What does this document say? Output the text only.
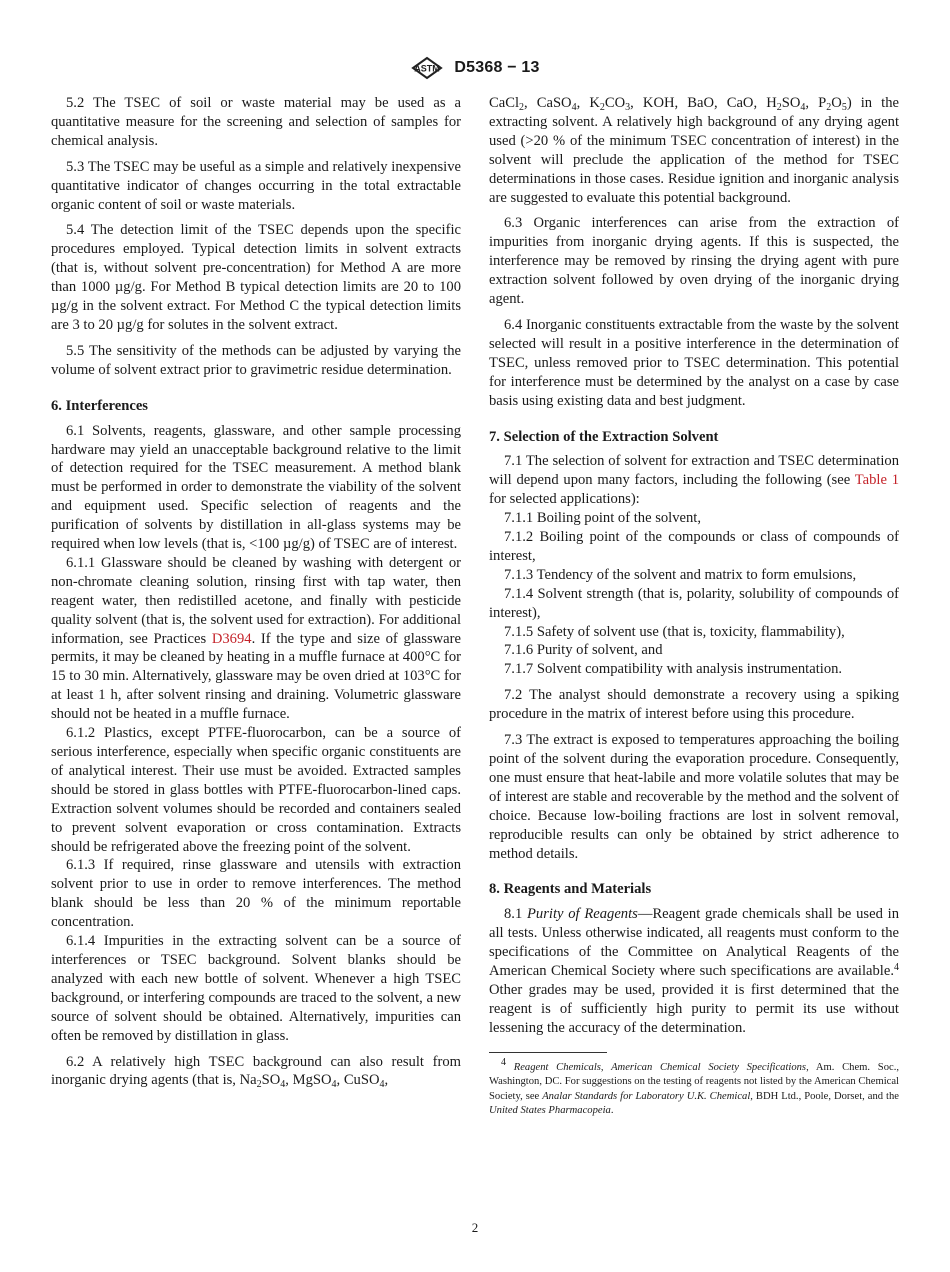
ASTM D5368 − 13

5.2 The TSEC of soil or waste material may be used as a quantitative measure for the screening and selection of samples for chemical analysis.

5.3 The TSEC may be useful as a simple and relatively inexpensive quantitative indicator of changes occurring in the total extractable organic content of soil or waste materials.

5.4 The detection limit of the TSEC depends upon the specific procedures employed. Typical detection limits in solvent extracts (that is, without solvent pre-concentration) for Method A are more than 1000 µg/g. For Method B typical detection limits are 20 to 100 µg/g in the solvent extract. For Method C the typical detection limits are 3 to 20 µg/g for solutes in the solvent extract.

5.5 The sensitivity of the methods can be adjusted by varying the volume of solvent extract prior to gravimetric residue determination.

6. Interferences

6.1 Solvents, reagents, glassware, and other sample processing hardware may yield an unacceptable background relative to the limit of detection required for the TSEC measurement. A method blank must be performed in order to demonstrate the viability of the solvent and equipment used. Specific selection of reagents and the purification of solvents by distillation in all-glass systems may be required when low levels (that is, <100 µg/g) of TSEC are of interest.

6.1.1 Glassware should be cleaned by washing with detergent or non-chromate cleaning solution, rinsing first with tap water, then reagent water, then redistilled acetone, and finally with pesticide quality solvent (that is, the solvent used for extraction). For additional information, see Practices D3694. If the type and size of glassware permits, it may be cleaned by heating in a muffle furnace at 400°C for 15 to 30 min. Alternatively, glassware may be oven dried at 103°C for at least 1 h, after solvent rinsing and draining. Volumetric glassware should not be heated in a muffle furnace.

6.1.2 Plastics, except PTFE-fluorocarbon, can be a source of serious interference, especially when specific organic constituents are of analytical interest. Their use must be avoided. Extracted samples should be stored in glass bottles with PTFE-fluorocarbon-lined caps. Extraction solvent volumes should be recorded and containers sealed to prevent solvent evaporation or cross contamination. Extracts should be refrigerated above the freezing point of the solvent.

6.1.3 If required, rinse glassware and utensils with extraction solvent prior to use in order to remove interferences. The method blank should be less than 20 % of the minimum reportable concentration.

6.1.4 Impurities in the extracting solvent can be a source of interferences or TSEC background. Solvent blanks should be analyzed with each new bottle of solvent. Whenever a high TSEC background, or interfering compounds are traced to the solvent, a new source of solvent should be obtained. Alternatively, impurities can often be removed by distillation in glass.

6.2 A relatively high TSEC background can also result from inorganic drying agents (that is, $Na_2SO_4$, MgSO$_4$, CuSO$_4$,

CaCl$_2$, CaSO$_4$, $K_2CO_3$, KOH, BaO, CaO, $H_2SO_4$, $P_2O_5$) in the extracting solvent. A relatively high background of any drying agent used (>20 % of the minimum TSEC concentration of interest) in the solvent will preclude the application of the method for TSEC determinations in those cases. Residue ignition and inorganic analysis are suggested to evaluate this potential background.

6.3 Organic interferences can arise from the extraction of impurities from inorganic drying agents. If this is suspected, the interference may be removed by rinsing the drying agent with pure extraction solvent followed by oven drying of the inorganic drying agent.

6.4 Inorganic constituents extractable from the waste by the solvent selected will result in a positive interference in the determination of TSEC, unless removed prior to TSEC determination. This potential for interference must be determined by the analyst on a case by case basis using existing data and best judgment.

7. Selection of the Extraction Solvent

7.1 The selection of solvent for extraction and TSEC determination will depend upon many factors, including the following (see Table 1 for selected applications):

7.1.1 Boiling point of the solvent,

7.1.2 Boiling point of the compounds or class of compounds of interest,

7.1.3 Tendency of the solvent and matrix to form emulsions,

7.1.4 Solvent strength (that is, polarity, solubility of compounds of interest),

7.1.5 Safety of solvent use (that is, toxicity, flammability),

7.1.6 Purity of solvent, and

7.1.7 Solvent compatibility with analysis instrumentation.

7.2 The analyst should demonstrate a recovery using a spiking procedure in the matrix of interest before using this procedure.

7.3 The extract is exposed to temperatures approaching the boiling point of the solvent during the evaporation procedure. Consequently, one must ensure that heat-labile and more volatile solutes that may be of interest are stable and recoverable by the method and the solvent of choice. Because low-boiling fractions are lost in solvent removal, reproducible results can only be obtained by strict adherence to method details.

8. Reagents and Materials

8.1 Purity of Reagents—Reagent grade chemicals shall be used in all tests. Unless otherwise indicated, all reagents must conform to the specifications of the Committee on Analytical Reagents of the American Chemical Society where such specifications are available.$^4$ Other grades may be used, provided it is first determined that the reagent is of sufficiently high purity to permit its use without lessening the accuracy of the determination.

$^4$ Reagent Chemicals, American Chemical Society Specifications, Am. Chem. Soc., Washington, DC. For suggestions on the testing of reagents not listed by the American Chemical Society, see Analar Standards for Laboratory U.K. Chemical, BDH Ltd., Poole, Dorset, and the United States Pharmacopeia.

2
